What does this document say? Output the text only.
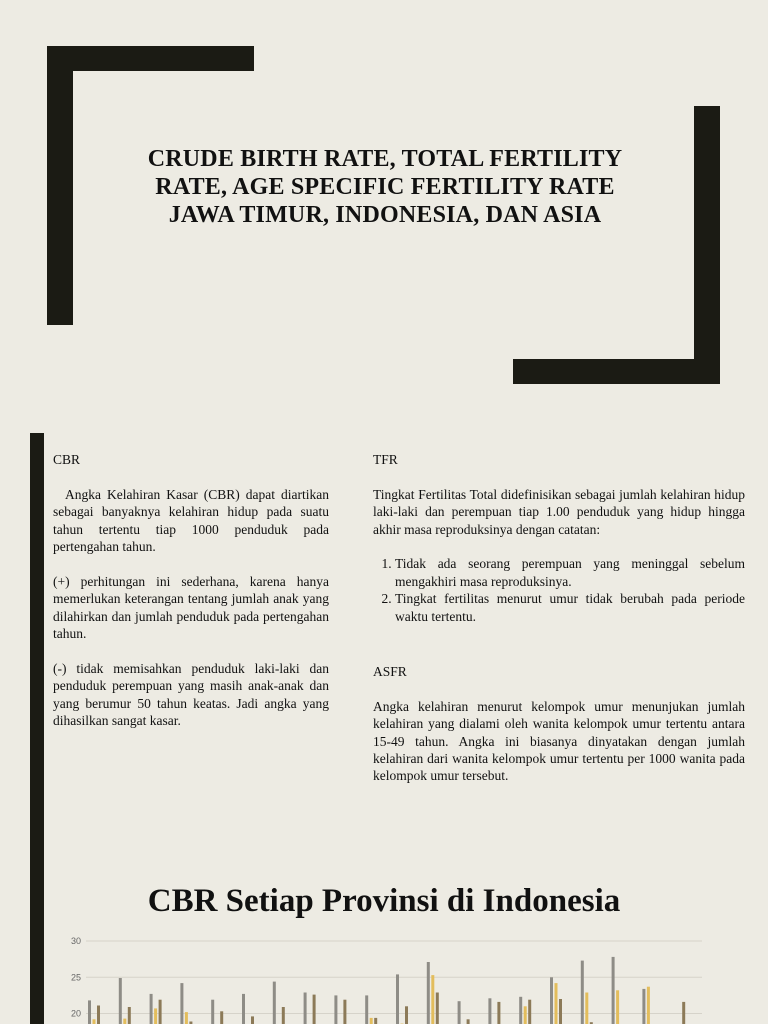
CRUDE BIRTH RATE, TOTAL FERTILITY
RATE, AGE SPECIFIC FERTILITY RATE
JAWA TIMUR, INDONESIA, DAN ASIA

CBR

Angka Kelahiran Kasar (CBR) dapat diartikan sebagai banyaknya kelahiran hidup pada suatu tahun tertentu tiap 1000 penduduk pada pertengahan tahun.

(+) perhitungan ini sederhana, karena hanya memerlukan keterangan tentang jumlah anak yang dilahirkan dan jumlah penduduk pada pertengahan tahun.

(-) tidak memisahkan penduduk laki-laki dan penduduk perempuan yang masih anak-anak dan yang berumur 50 tahun keatas. Jadi angka yang dihasilkan sangat kasar.

TFR

Tingkat Fertilitas Total didefinisikan sebagai jumlah kelahiran hidup laki-laki dan perempuan tiap 1.00 penduduk yang hidup hingga akhir masa reproduksinya dengan catatan:

1. Tidak ada seorang perempuan yang meninggal sebelum mengakhiri masa reproduksinya.
2. Tingkat fertilitas menurut umur tidak berubah pada periode waktu tertentu.

ASFR

Angka kelahiran menurut kelompok umur menunjukan jumlah kelahiran yang dialami oleh wanita kelompok umur tertentu antara 15-49 tahun. Angka ini biasanya dinyatakan dengan jumlah kelahiran dari wanita kelompok umur tertentu per 1000 wanita pada kelompok umur tersebut.

CBR Setiap Provinsi di Indonesia
20
25
30
